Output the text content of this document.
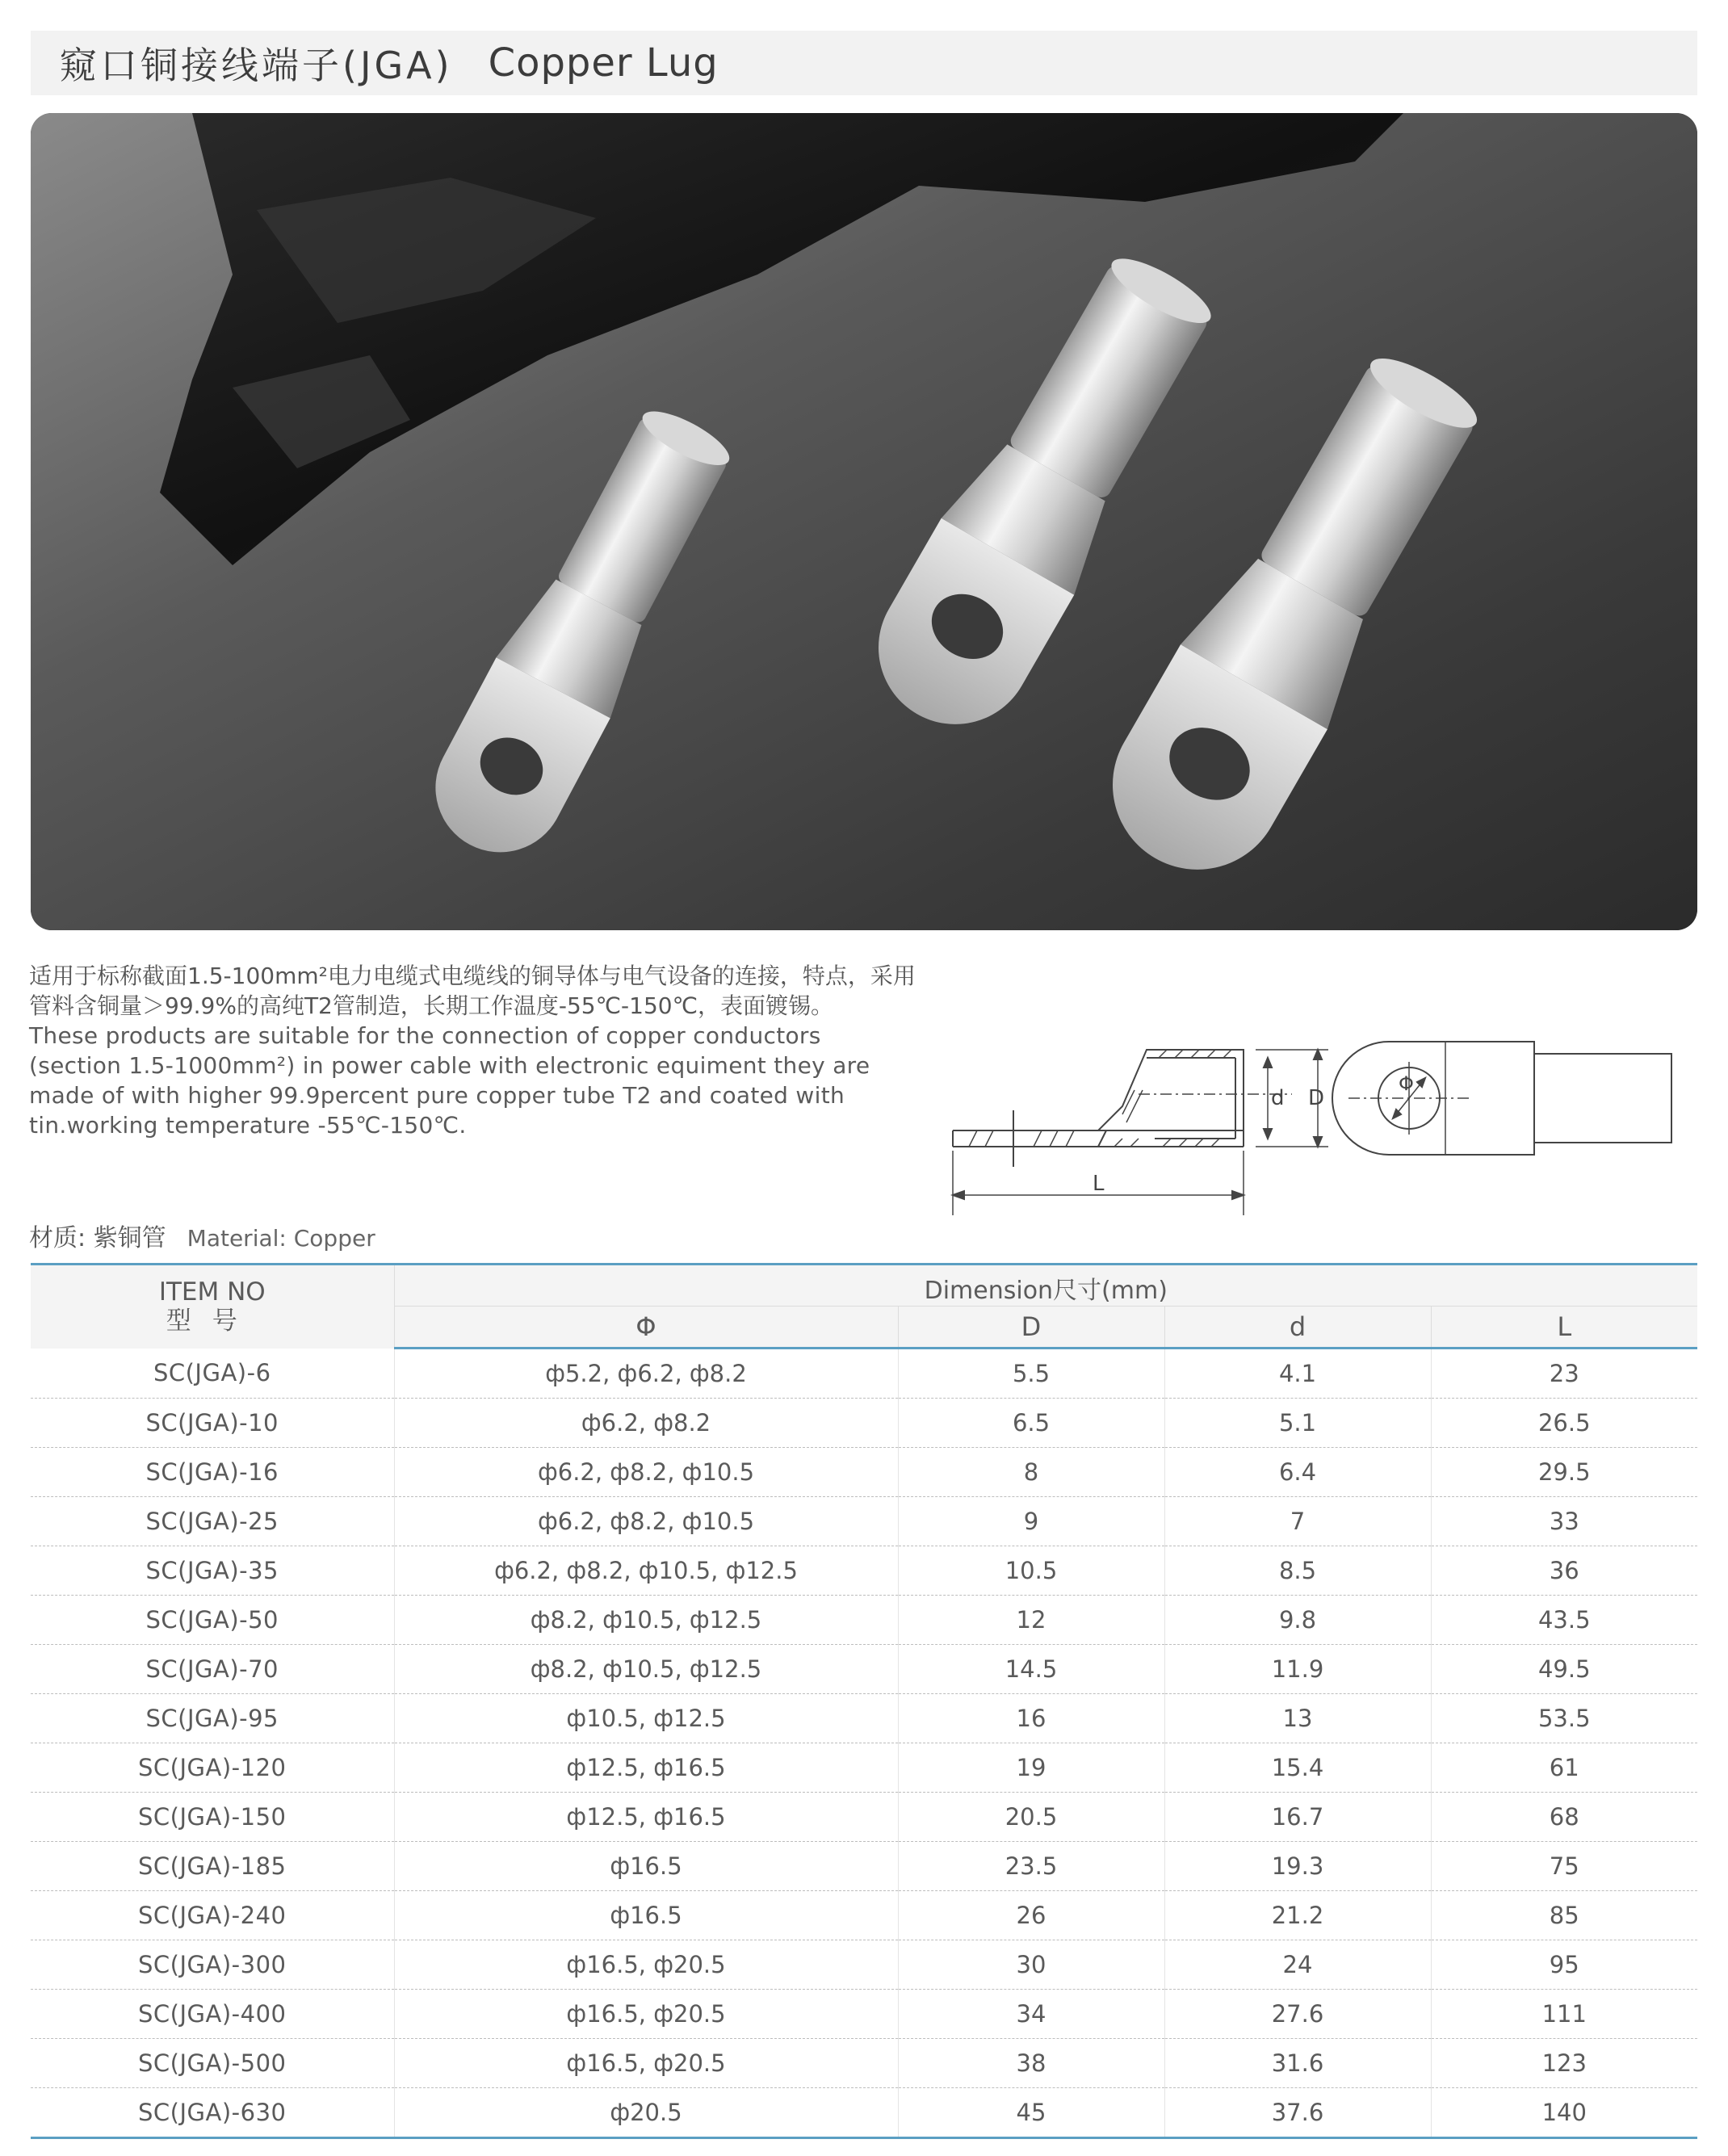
窥口铜接线端子(JGA) Copper Lug

适用于标称截面1.5-100mm²电力电缆式电缆线的铜导体与电气设备的连接，特点，采用管料含铜量＞99.9%的高纯T2管制造，长期工作温度-55℃-150℃，表面镀锡。

These products are suitable for the connection of copper conductors (section 1.5-1000mm²) in power cable with electronic equiment they are made of with higher 99.9percent pure copper tube T2 and coated with tin.working temperature -55℃-150℃.

d D
L
Φ
材质: 紫铜管 Material: Copper
ITEM NO
型号	Dimension尺寸(mm)			
	Φ	D	d	L
SC(JGA)-6	ф5.2, ф6.2, ф8.2	5.5	4.1	23
SC(JGA)-10	ф6.2, ф8.2	6.5	5.1	26.5
SC(JGA)-16	ф6.2, ф8.2, ф10.5	8	6.4	29.5
SC(JGA)-25	ф6.2, ф8.2, ф10.5	9	7	33
SC(JGA)-35	ф6.2, ф8.2, ф10.5, ф12.5	10.5	8.5	36
SC(JGA)-50	ф8.2, ф10.5, ф12.5	12	9.8	43.5
SC(JGA)-70	ф8.2, ф10.5, ф12.5	14.5	11.9	49.5
SC(JGA)-95	ф10.5, ф12.5	16	13	53.5
SC(JGA)-120	ф12.5, ф16.5	19	15.4	61
SC(JGA)-150	ф12.5, ф16.5	20.5	16.7	68
SC(JGA)-185	ф16.5	23.5	19.3	75
SC(JGA)-240	ф16.5	26	21.2	85
SC(JGA)-300	ф16.5, ф20.5	30	24	95
SC(JGA)-400	ф16.5, ф20.5	34	27.6	111
SC(JGA)-500	ф16.5, ф20.5	38	31.6	123
SC(JGA)-630	ф20.5	45	37.6	140
